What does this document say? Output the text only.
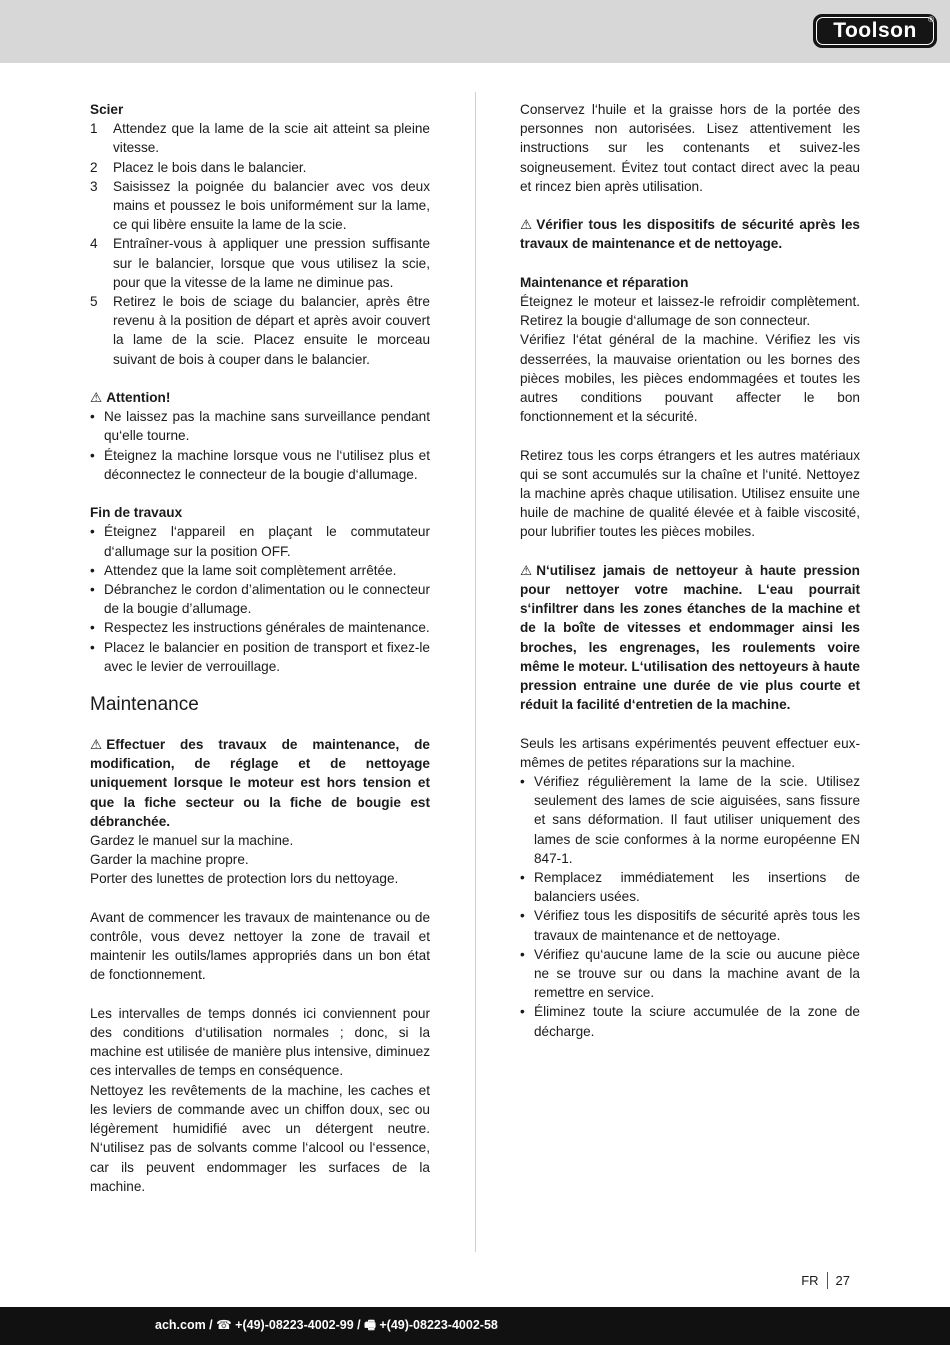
Toolson ®

Scier

1 Attendez que la lame de la scie ait atteint sa pleine vitesse.
2 Placez le bois dans le balancier.
3 Saisissez la poignée du balancier avec vos deux mains et poussez le bois uniformément sur la lame, ce qui libère ensuite la lame de la scie.
4 Entraîner-vous à appliquer une pression suffisante sur le balancier, lorsque que vous utilisez la scie, pour que la vitesse de la lame ne diminue pas.
5 Retirez le bois de sciage du balancier, après être revenu à la position de départ et après avoir couvert la lame de la scie. Placez ensuite le morceau suivant de bois à couper dans le balancier.

⚠ Attention!

• Ne laissez pas la machine sans surveillance pendant qu‘elle tourne.
• Éteignez la machine lorsque vous ne l‘utilisez plus et déconnectez le connecteur de la bougie d‘allumage.

Fin de travaux

• Éteignez l‘appareil en plaçant le commutateur d‘allumage sur la position OFF.
• Attendez que la lame soit complètement arrêtée.
• Débranchez le cordon d’alimentation ou le connecteur de la bougie d’allumage.
• Respectez les instructions générales de maintenance.
• Placez le balancier en position de transport et fixez-le avec le levier de verrouillage.
Maintenance

⚠ Effectuer des travaux de maintenance, de modification, de réglage et de nettoyage uniquement lorsque le moteur est hors tension et que la fiche secteur ou la fiche de bougie est débranchée.

Gardez le manuel sur la machine.

Garder la machine propre.

Porter des lunettes de protection lors du nettoyage.

Avant de commencer les travaux de maintenance ou de contrôle, vous devez nettoyer la zone de travail et maintenir les outils/lames appropriés dans un bon état de fonctionnement.

Les intervalles de temps donnés ici conviennent pour des conditions d‘utilisation normales ; donc, si la machine est utilisée de manière plus intensive, diminuez ces intervalles de temps en conséquence.

Nettoyez les revêtements de la machine, les caches et les leviers de commande avec un chiffon doux, sec ou légèrement humidifié avec un détergent neutre. N‘utilisez pas de solvants comme l‘alcool ou l‘essence, car ils peuvent endommager les surfaces de la machine.

Conservez l‘huile et la graisse hors de la portée des personnes non autorisées. Lisez attentivement les instructions sur les contenants et suivez-les soigneusement. Évitez tout contact direct avec la peau et rincez bien après utilisation.

⚠ Vérifier tous les dispositifs de sécurité après les travaux de maintenance et de nettoyage.

Maintenance et réparation

Éteignez le moteur et laissez-le refroidir complètement. Retirez la bougie d‘allumage de son connecteur.

Vérifiez l‘état général de la machine. Vérifiez les vis desserrées, la mauvaise orientation ou les bornes des pièces mobiles, les pièces endommagées et toutes les autres conditions pouvant affecter le bon fonctionnement et la sécurité.

Retirez tous les corps étrangers et les autres matériaux qui se sont accumulés sur la chaîne et l‘unité. Nettoyez la machine après chaque utilisation. Utilisez ensuite une huile de machine de qualité élevée et à faible viscosité, pour lubrifier toutes les pièces mobiles.

⚠ N‘utilisez jamais de nettoyeur à haute pression pour nettoyer votre machine. L‘eau pourrait s‘infiltrer dans les zones étanches de la machine et de la boîte de vitesses et endommager ainsi les broches, les engrenages, les roulements voire même le moteur. L‘utilisation des nettoyeurs à haute pression entraine une durée de vie plus courte et réduit la facilité d‘entretien de la machine.

Seuls les artisans expérimentés peuvent effectuer eux-mêmes de petites réparations sur la machine.

• Vérifiez régulièrement la lame de la scie. Utilisez seulement des lames de scie aiguisées, sans fissure et sans déformation. Il faut utiliser uniquement des lames de scie conformes à la norme européenne EN 847-1.
• Remplacez immédiatement les insertions de balanciers usées.
• Vérifiez tous les dispositifs de sécurité après tous les travaux de maintenance et de nettoyage.
• Vérifiez qu‘aucune lame de la scie ou aucune pièce ne se trouve sur ou dans la machine avant de la remettre en service.
• Éliminez toute la sciure accumulée de la zone de décharge.
FR 27
ach.com / ☎ +(49)-08223-4002-99 / 🖷 +(49)-08223-4002-58
